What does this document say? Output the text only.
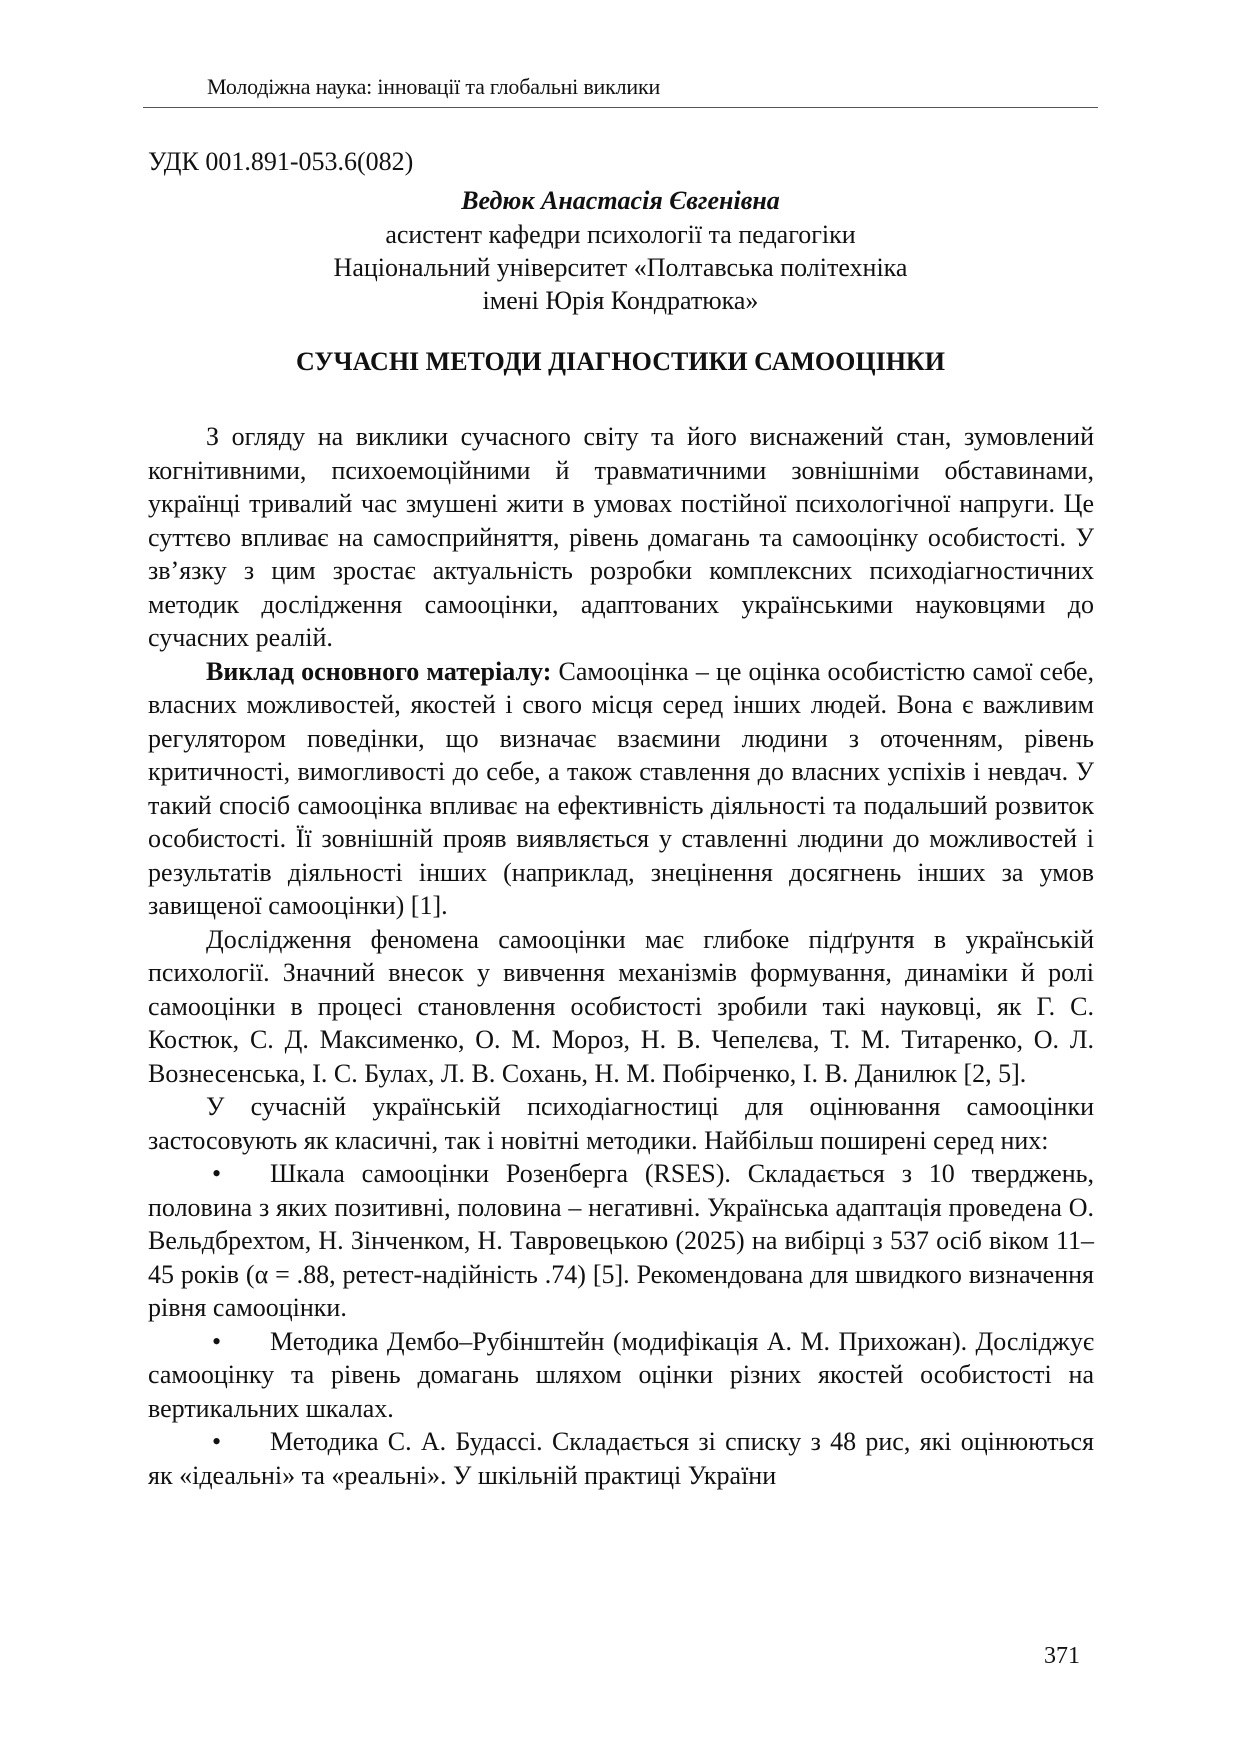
Молодіжна наука: інновації та глобальні виклики
УДК 001.891-053.6(082)
Ведюк Анастасія Євгенівна
асистент кафедри психології та педагогіки
Національний університет «Полтавська політехніка
імені Юрія Кондратюка»
СУЧАСНІ МЕТОДИ ДІАГНОСТИКИ САМООЦІНКИ

З огляду на виклики сучасного світу та його виснажений стан, зумовлений когнітивними, психоемоційними й травматичними зовнішніми обставинами, українці тривалий час змушені жити в умовах постійної психологічної напруги. Це суттєво впливає на самосприйняття, рівень домагань та самооцінку особистості. У зв’язку з цим зростає актуальність розробки комплексних психодіагностичних методик дослідження самооцінки, адаптованих українськими науковцями до сучасних реалій.

Виклад основного матеріалу: Самооцінка – це оцінка особистістю самої себе, власних можливостей, якостей і свого місця серед інших людей. Вона є важливим регулятором поведінки, що визначає взаємини людини з оточенням, рівень критичності, вимогливості до себе, а також ставлення до власних успіхів і невдач. У такий спосіб самооцінка впливає на ефективність діяльності та подальший розвиток особистості. Її зовнішній прояв виявляється у ставленні людини до можливостей і результатів діяльності інших (наприклад, знецінення досягнень інших за умов завищеної самооцінки) [1].

Дослідження феномена самооцінки має глибоке підґрунтя в українській психології. Значний внесок у вивчення механізмів формування, динаміки й ролі самооцінки в процесі становлення особистості зробили такі науковці, як Г. С. Костюк, С. Д. Максименко, О. М. Мороз, Н. В. Чепелєва, Т. М. Титаренко, О. Л. Вознесенська, І. С. Булах, Л. В. Сохань, Н. М. Побірченко, І. В. Данилюк [2, 5].

У сучасній українській психодіагностиці для оцінювання самооцінки застосовують як класичні, так і новітні методики. Найбільш поширені серед них:

• Шкала самооцінки Розенберга (RSES). Складається з 10 тверджень, половина з яких позитивні, половина – негативні. Українська адаптація проведена О. Вельдбрехтом, Н. Зінченком, Н. Тавровецькою (2025) на вибірці з 537 осіб віком 11–45 років (α = .88, ретест-надійність .74) [5]. Рекомендована для швидкого визначення рівня самооцінки.

• Методика Дембо–Рубінштейн (модифікація А. М. Прихожан). Досліджує самооцінку та рівень домагань шляхом оцінки різних якостей особистості на вертикальних шкалах.

• Методика С. А. Будассі. Складається зі списку з 48 рис, які оцінюються як «ідеальні» та «реальні». У шкільній практиці України

371
